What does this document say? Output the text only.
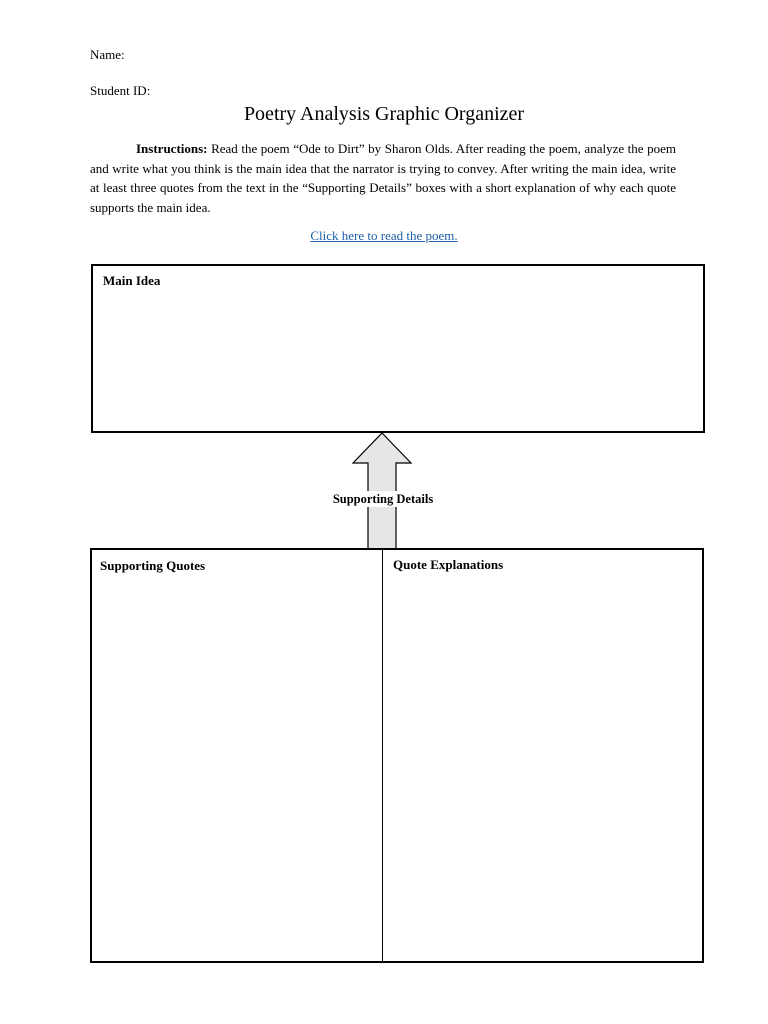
Name:
Student ID:
Poetry Analysis Graphic Organizer
Instructions: Read the poem “Ode to Dirt” by Sharon Olds. After reading the poem, analyze the poem and write what you think is the main idea that the narrator is trying to convey. After writing the main idea, write at least three quotes from the text in the “Supporting Details” boxes with a short explanation of why each quote supports the main idea.
Click here to read the poem.
Main Idea
Supporting Details
Supporting Quotes	Quote Explanations
